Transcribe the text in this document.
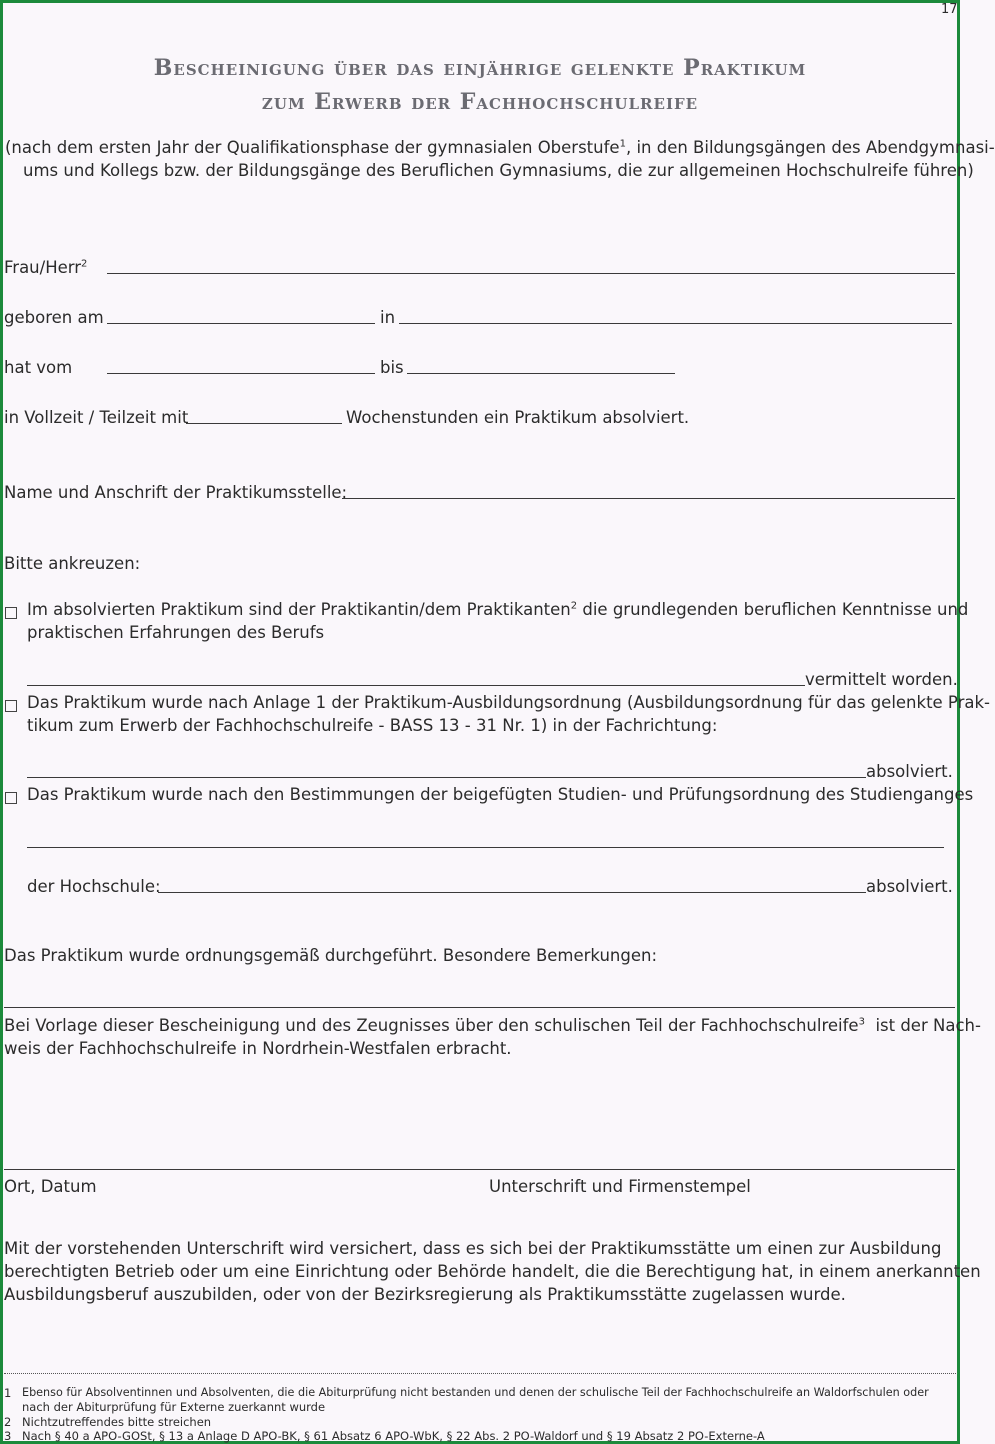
17
Bescheinigung über das einjährige gelenkte Praktikum
zum Erwerb der Fachhochschulreife
(nach dem ersten Jahr der Qualifikationsphase der gymnasialen Oberstufe$^1$, in den Bildungsgängen des Abendgymnasi-
ums und Kollegs bzw. der Bildungsgänge des Beruflichen Gymnasiums, die zur allgemeinen Hochschulreife führen)
Frau/Herr$^2$
geboren am	in
hat vom	bis
in Vollzeit / Teilzeit mit	Wochenstunden ein Praktikum absolviert.
Name und Anschrift der Praktikumsstelle:
Bitte ankreuzen:
Im absolvierten Praktikum sind der Praktikantin/dem Praktikanten$^2$ die grundlegenden beruflichen Kenntnisse und
praktischen Erfahrungen des Berufs
vermittelt worden.
Das Praktikum wurde nach Anlage 1 der Praktikum-Ausbildungsordnung (Ausbildungsordnung für das gelenkte Prak-
tikum zum Erwerb der Fachhochschulreife - BASS 13 - 31 Nr. 1) in der Fachrichtung:
absolviert.
Das Praktikum wurde nach den Bestimmungen der beigefügten Studien- und Prüfungsordnung des Studienganges
der Hochschule:	absolviert.
Das Praktikum wurde ordnungsgemäß durchgeführt. Besondere Bemerkungen:
Bei Vorlage dieser Bescheinigung und des Zeugnisses über den schulischen Teil der Fachhochschulreife$^3$  ist der Nach-
weis der Fachhochschulreife in Nordrhein-Westfalen erbracht.
Ort, Datum	Unterschrift und Firmenstempel
Mit der vorstehenden Unterschrift wird versichert, dass es sich bei der Praktikumsstätte um einen zur Ausbildung
berechtigten Betrieb oder um eine Einrichtung oder Behörde handelt, die die Berechtigung hat, in einem anerkannten
Ausbildungsberuf auszubilden, oder von der Bezirksregierung als Praktikumsstätte zugelassen wurde.
1 Ebenso für Absolventinnen und Absolventen, die die Abiturprüfung nicht bestanden und denen der schulische Teil der Fachhochschulreife an Waldorfschulen oder
nach der Abiturprüfung für Externe zuerkannt wurde
2 Nichtzutreffendes bitte streichen
3 Nach § 40 a APO-GOSt, § 13 a Anlage D APO-BK, § 61 Absatz 6 APO-WbK, § 22 Abs. 2 PO-Waldorf und § 19 Absatz 2 PO-Externe-A
